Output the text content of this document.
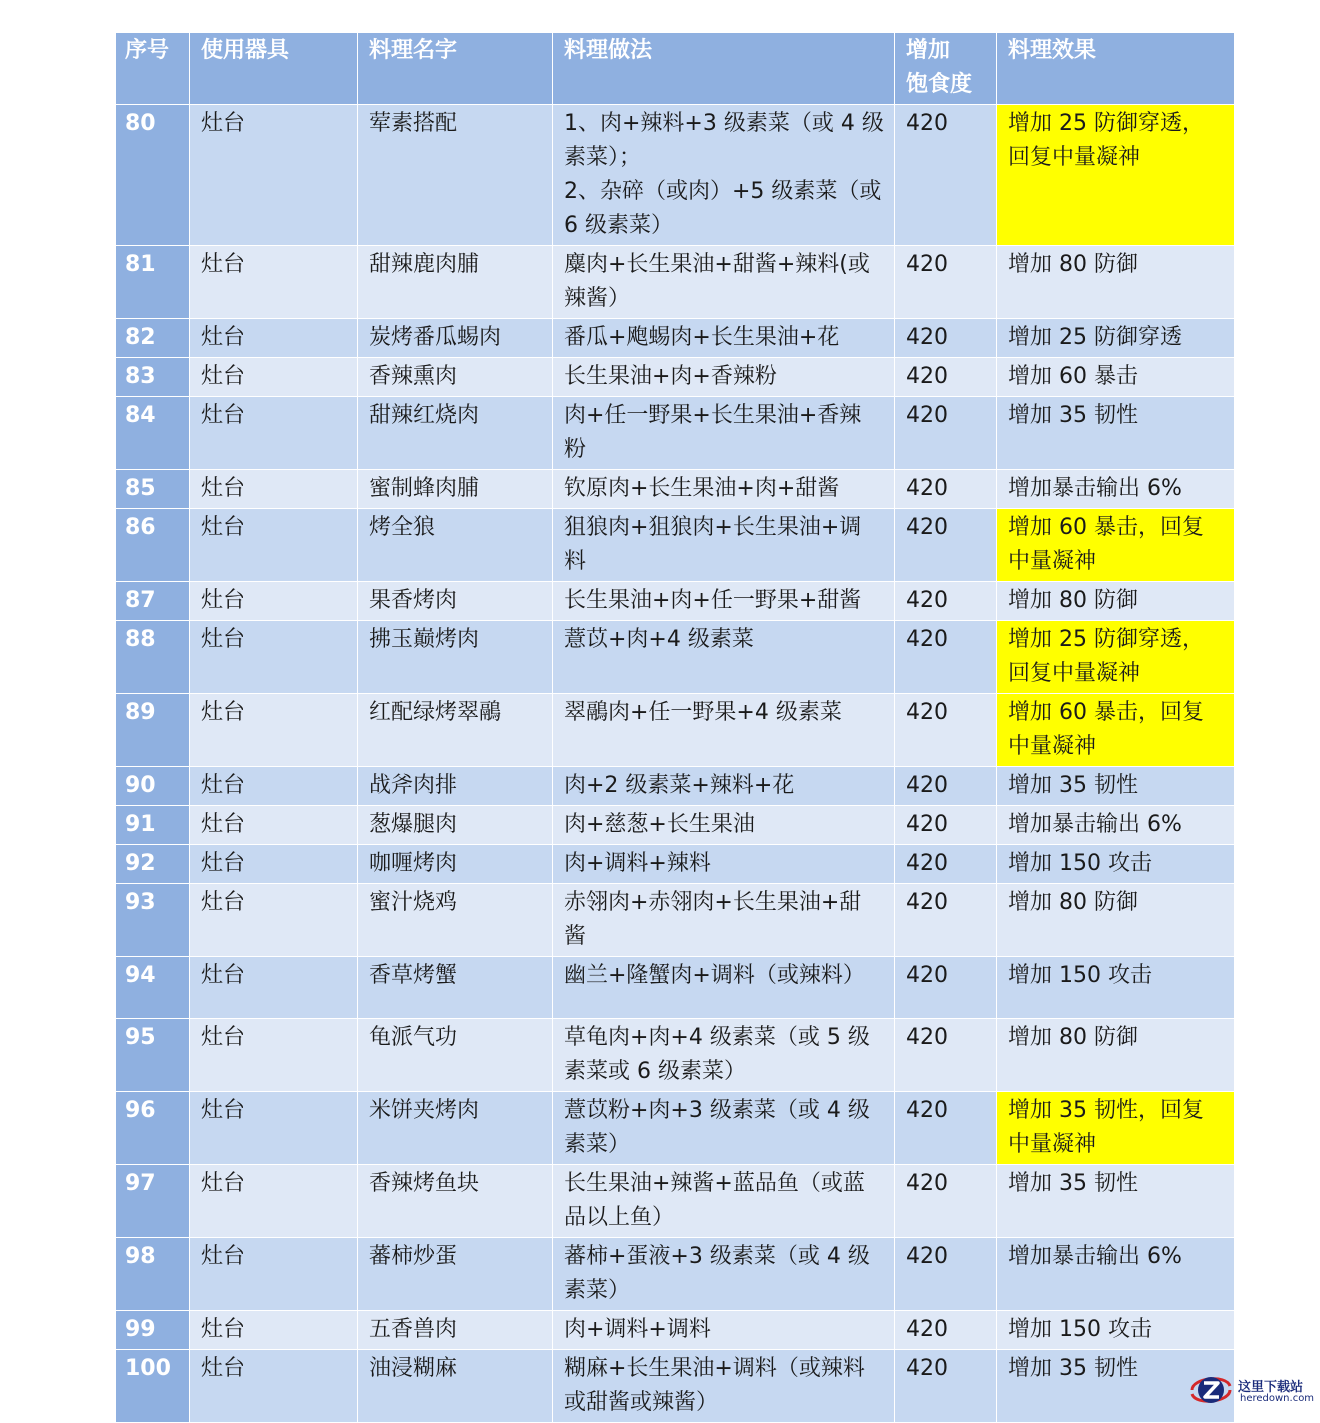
序号	使用器具	料理名字	料理做法	增加
饱食度	料理效果
80	灶台	荤素搭配	1、肉+辣料+3 级素菜（或 4 级
素菜）；
2、杂碎（或肉）+5 级素菜（或
6 级素菜）	420	增加 25 防御穿透，
回复中量凝神
81	灶台	甜辣鹿肉脯	麋肉+长生果油+甜酱+辣料(或
辣酱）	420	增加 80 防御
82	灶台	炭烤番瓜蜴肉	番瓜+飑蜴肉+长生果油+花	420	增加 25 防御穿透
83	灶台	香辣熏肉	长生果油+肉+香辣粉	420	增加 60 暴击
84	灶台	甜辣红烧肉	肉+任一野果+长生果油+香辣
粉	420	增加 35 韧性
85	灶台	蜜制蜂肉脯	钦原肉+长生果油+肉+甜酱	420	增加暴击输出 6%
86	灶台	烤全狼	狙狼肉+狙狼肉+长生果油+调
料	420	增加 60 暴击，回复
中量凝神
87	灶台	果香烤肉	长生果油+肉+任一野果+甜酱	420	增加 80 防御
88	灶台	拂玉巅烤肉	薏苡+肉+4 级素菜	420	增加 25 防御穿透，
回复中量凝神
89	灶台	红配绿烤翠鷊	翠鷊肉+任一野果+4 级素菜	420	增加 60 暴击，回复
中量凝神
90	灶台	战斧肉排	肉+2 级素菜+辣料+花	420	增加 35 韧性
91	灶台	葱爆腿肉	肉+慈葱+长生果油	420	增加暴击输出 6%
92	灶台	咖喱烤肉	肉+调料+辣料	420	增加 150 攻击
93	灶台	蜜汁烧鸡	赤翎肉+赤翎肉+长生果油+甜
酱	420	增加 80 防御
94	灶台	香草烤蟹	幽兰+隆蟹肉+调料（或辣料）	420	增加 150 攻击
95	灶台	龟派气功	草龟肉+肉+4 级素菜（或 5 级
素菜或 6 级素菜）	420	增加 80 防御
96	灶台	米饼夹烤肉	薏苡粉+肉+3 级素菜（或 4 级
素菜）	420	增加 35 韧性，回复
中量凝神
97	灶台	香辣烤鱼块	长生果油+辣酱+蓝品鱼（或蓝
品以上鱼）	420	增加 35 韧性
98	灶台	蕃柿炒蛋	蕃柿+蛋液+3 级素菜（或 4 级
素菜）	420	增加暴击输出 6%
99	灶台	五香兽肉	肉+调料+调料	420	增加 150 攻击
100	灶台	油浸糊麻	糊麻+长生果油+调料（或辣料
或甜酱或辣酱）	420	增加 35 韧性
这里下载站
heredown.com
